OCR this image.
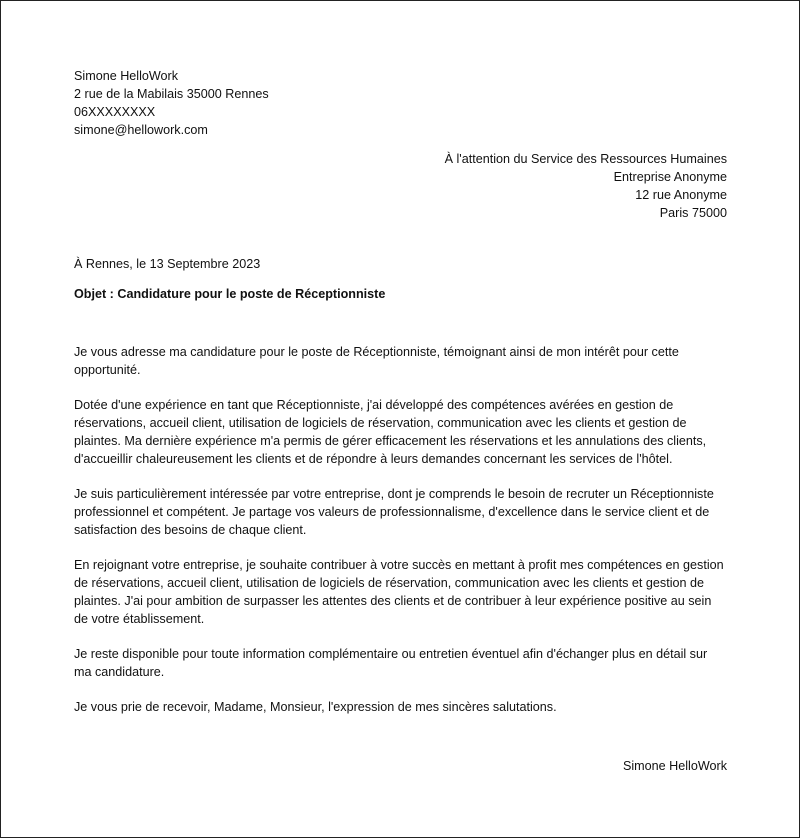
Simone HelloWork
2 rue de la Mabilais 35000 Rennes
06XXXXXXXX
simone@hellowork.com
À l'attention du Service des Ressources Humaines
Entreprise Anonyme
12 rue Anonyme
Paris 75000
À Rennes, le 13 Septembre 2023
Objet : Candidature pour le poste de Réceptionniste

Je vous adresse ma candidature pour le poste de Réceptionniste, témoignant ainsi de mon intérêt pour cette opportunité.

Dotée d'une expérience en tant que Réceptionniste, j'ai développé des compétences avérées en gestion de réservations, accueil client, utilisation de logiciels de réservation, communication avec les clients et gestion de plaintes. Ma dernière expérience m'a permis de gérer efficacement les réservations et les annulations des clients, d'accueillir chaleureusement les clients et de répondre à leurs demandes concernant les services de l'hôtel.

Je suis particulièrement intéressée par votre entreprise, dont je comprends le besoin de recruter un Réceptionniste professionnel et compétent. Je partage vos valeurs de professionnalisme, d'excellence dans le service client et de satisfaction des besoins de chaque client.

En rejoignant votre entreprise, je souhaite contribuer à votre succès en mettant à profit mes compétences en gestion de réservations, accueil client, utilisation de logiciels de réservation, communication avec les clients et gestion de plaintes. J'ai pour ambition de surpasser les attentes des clients et de contribuer à leur expérience positive au sein de votre établissement.

Je reste disponible pour toute information complémentaire ou entretien éventuel afin d'échanger plus en détail sur ma candidature.

Je vous prie de recevoir, Madame, Monsieur, l'expression de mes sincères salutations.

Simone HelloWork
